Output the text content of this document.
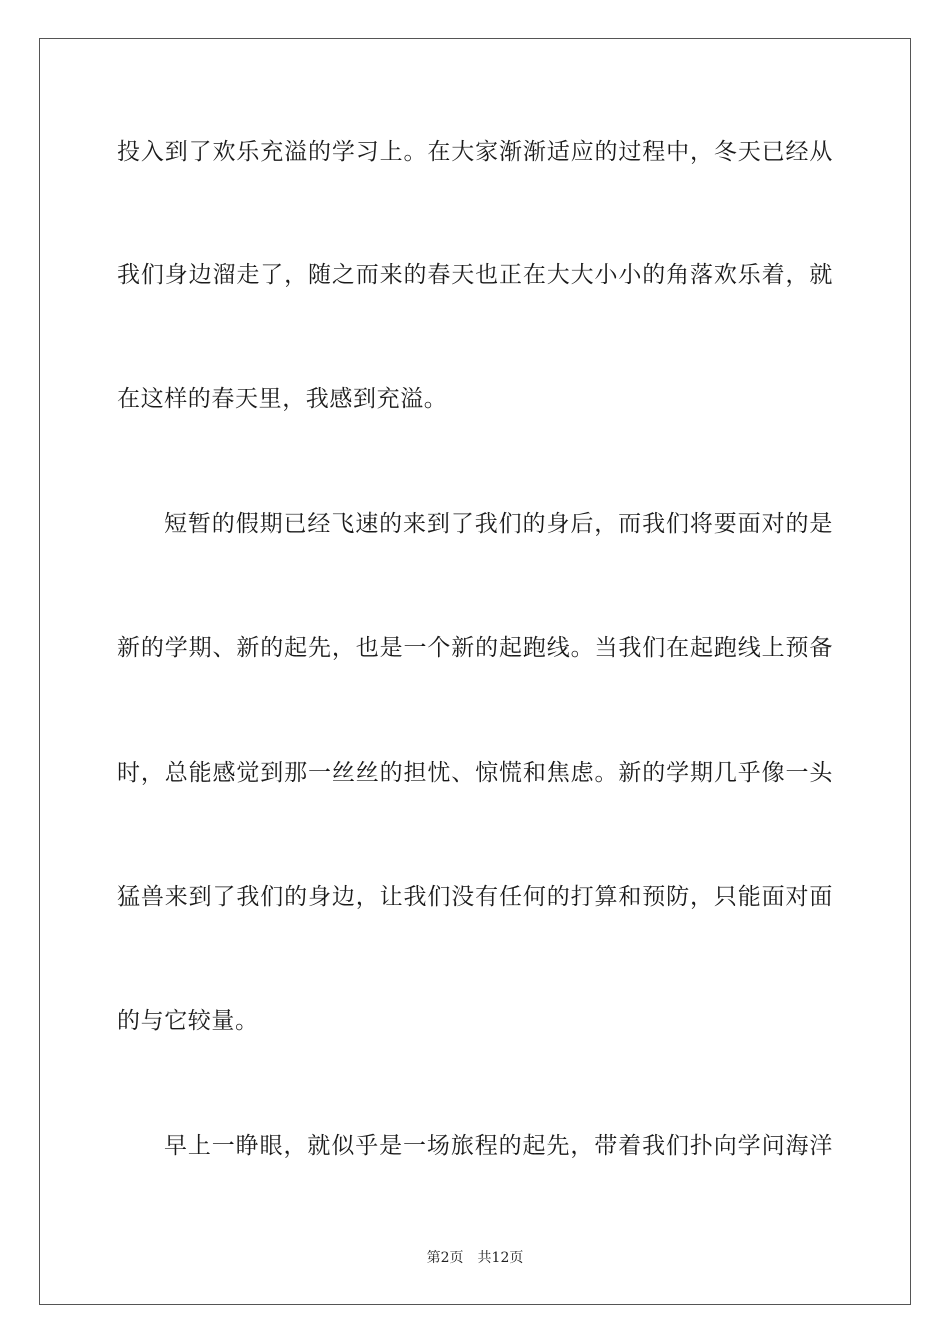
投入到了欢乐充溢的学习上。在大家渐渐适应的过程中，冬天已经从
我们身边溜走了，随之而来的春天也正在大大小小的角落欢乐着，就
在这样的春天里，我感到充溢。
短暂的假期已经飞速的来到了我们的身后，而我们将要面对的是
新的学期、新的起先，也是一个新的起跑线。当我们在起跑线上预备
时，总能感觉到那一丝丝的担忧、惊慌和焦虑。新的学期几乎像一头
猛兽来到了我们的身边，让我们没有任何的打算和预防，只能面对面
的与它较量。
早上一睁眼，就似乎是一场旅程的起先，带着我们扑向学问海洋
第2页 共12页
